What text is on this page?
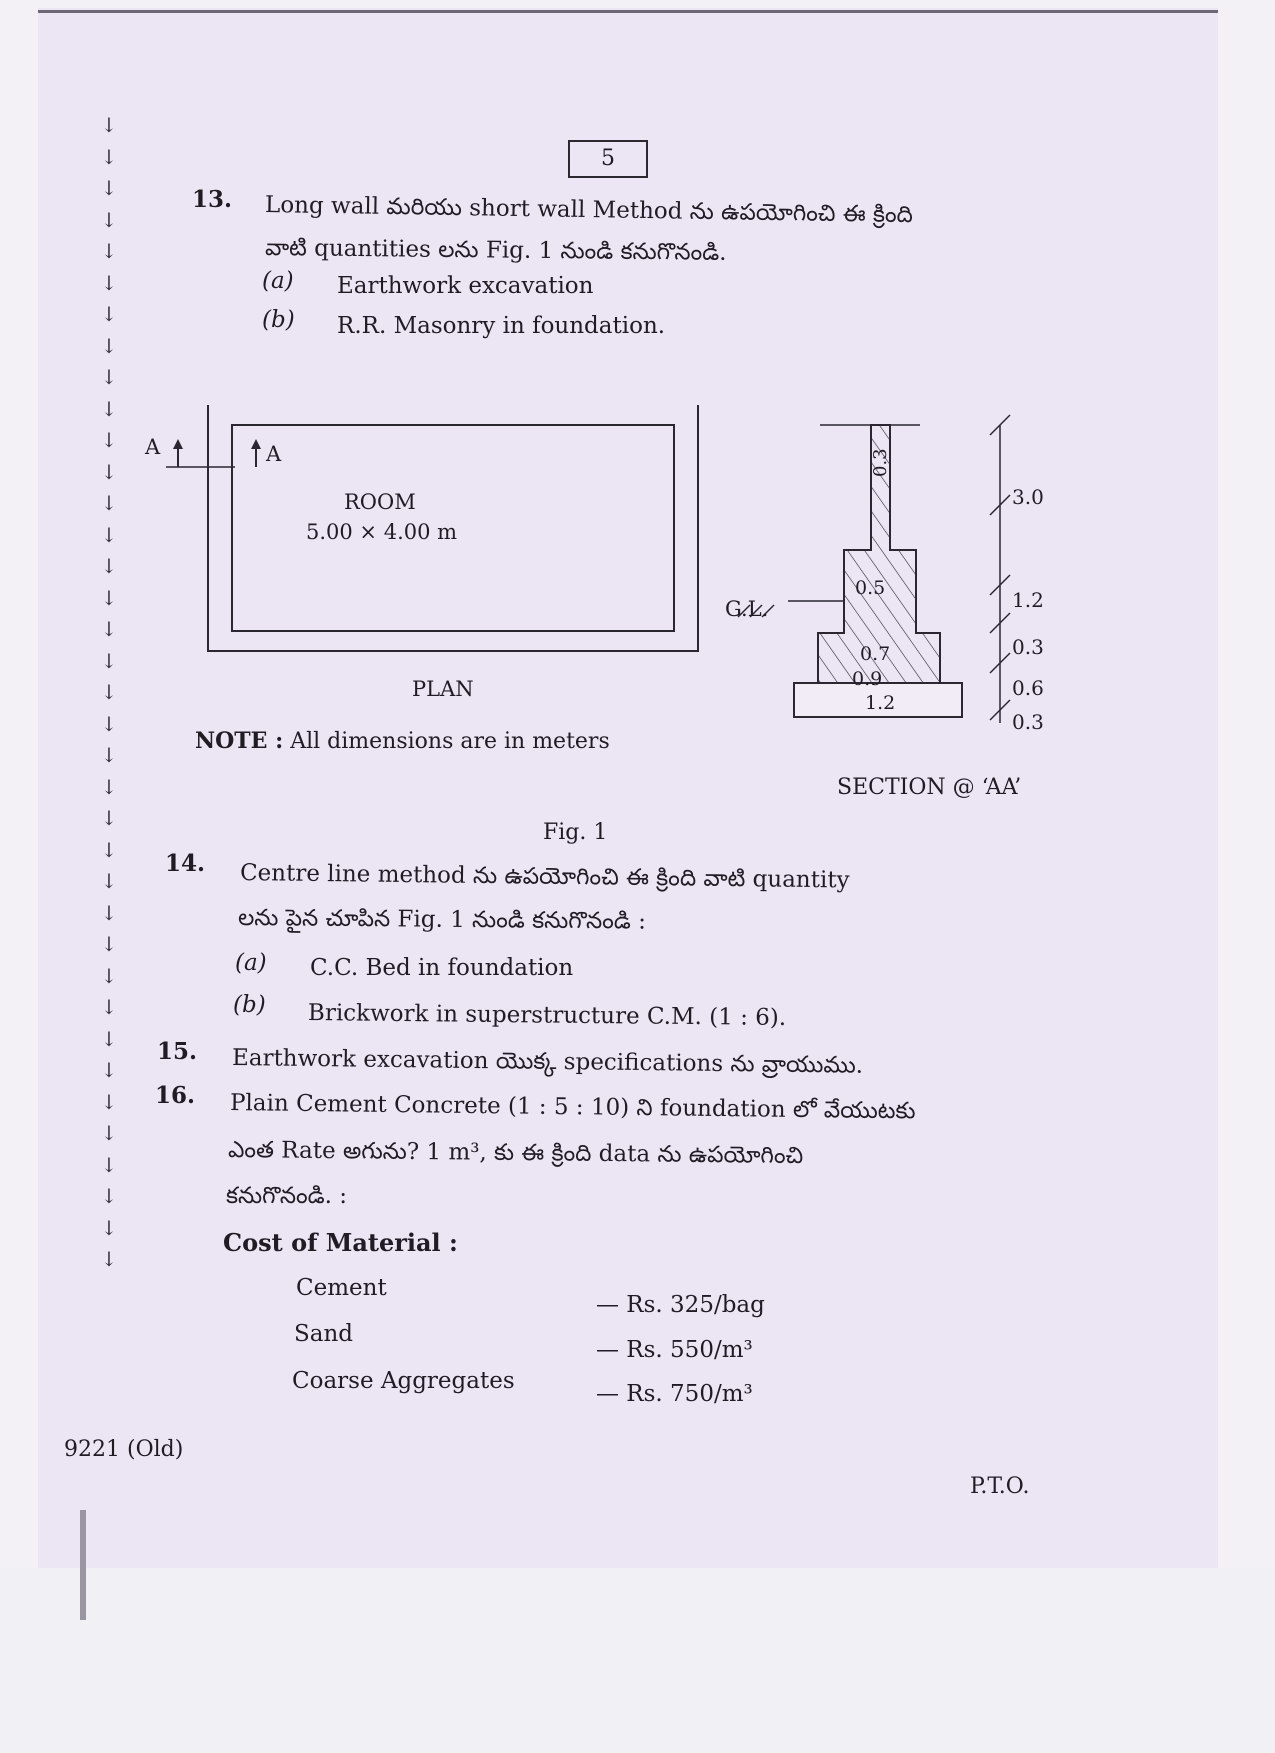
↓
↓
↓
↓
↓
↓
↓
↓
↓
↓
↓
↓
↓
↓
↓
↓
↓
↓
↓
↓
↓
↓
↓
↓
↓
↓
↓
↓
↓
↓
↓
↓
↓
↓
↓
↓
↓
5
13. Long wall మరియు short wall Method ను ఉపయోగించి ఈ క్రింది
వాటి quantities లను Fig. 1 నుండి కనుగొనండి.
(a) Earthwork excavation
(b) R.R. Masonry in foundation.
A	A
ROOM
5.00 × 4.00 m
PLAN
NOTE : All dimensions are in meters
G.L.
0.3
0.5
0.7
0.9
1.2
3.0
1.2
0.3
0.6
0.3
SECTION @ ‘AA’
Fig. 1
14. Centre line method ను ఉపయోగించి ఈ క్రింది వాటి quantity
లను పైన చూపిన Fig. 1 నుండి కనుగొనండి :
(a) C.C. Bed in foundation
(b) Brickwork in superstructure C.M. (1 : 6).
15. Earthwork excavation యొక్క specifications ను వ్రాయుము.
16. Plain Cement Concrete (1 : 5 : 10) ని foundation లో వేయుటకు
ఎంత Rate అగును? 1 m³, కు ఈ క్రింది data ను ఉపయోగించి
కనుగొనండి. :
Cost of Material :
Cement
— Rs. 325/bag
Sand
— Rs. 550/m³
Coarse Aggregates	— Rs. 750/m³
9221 (Old)
P.T.O.
